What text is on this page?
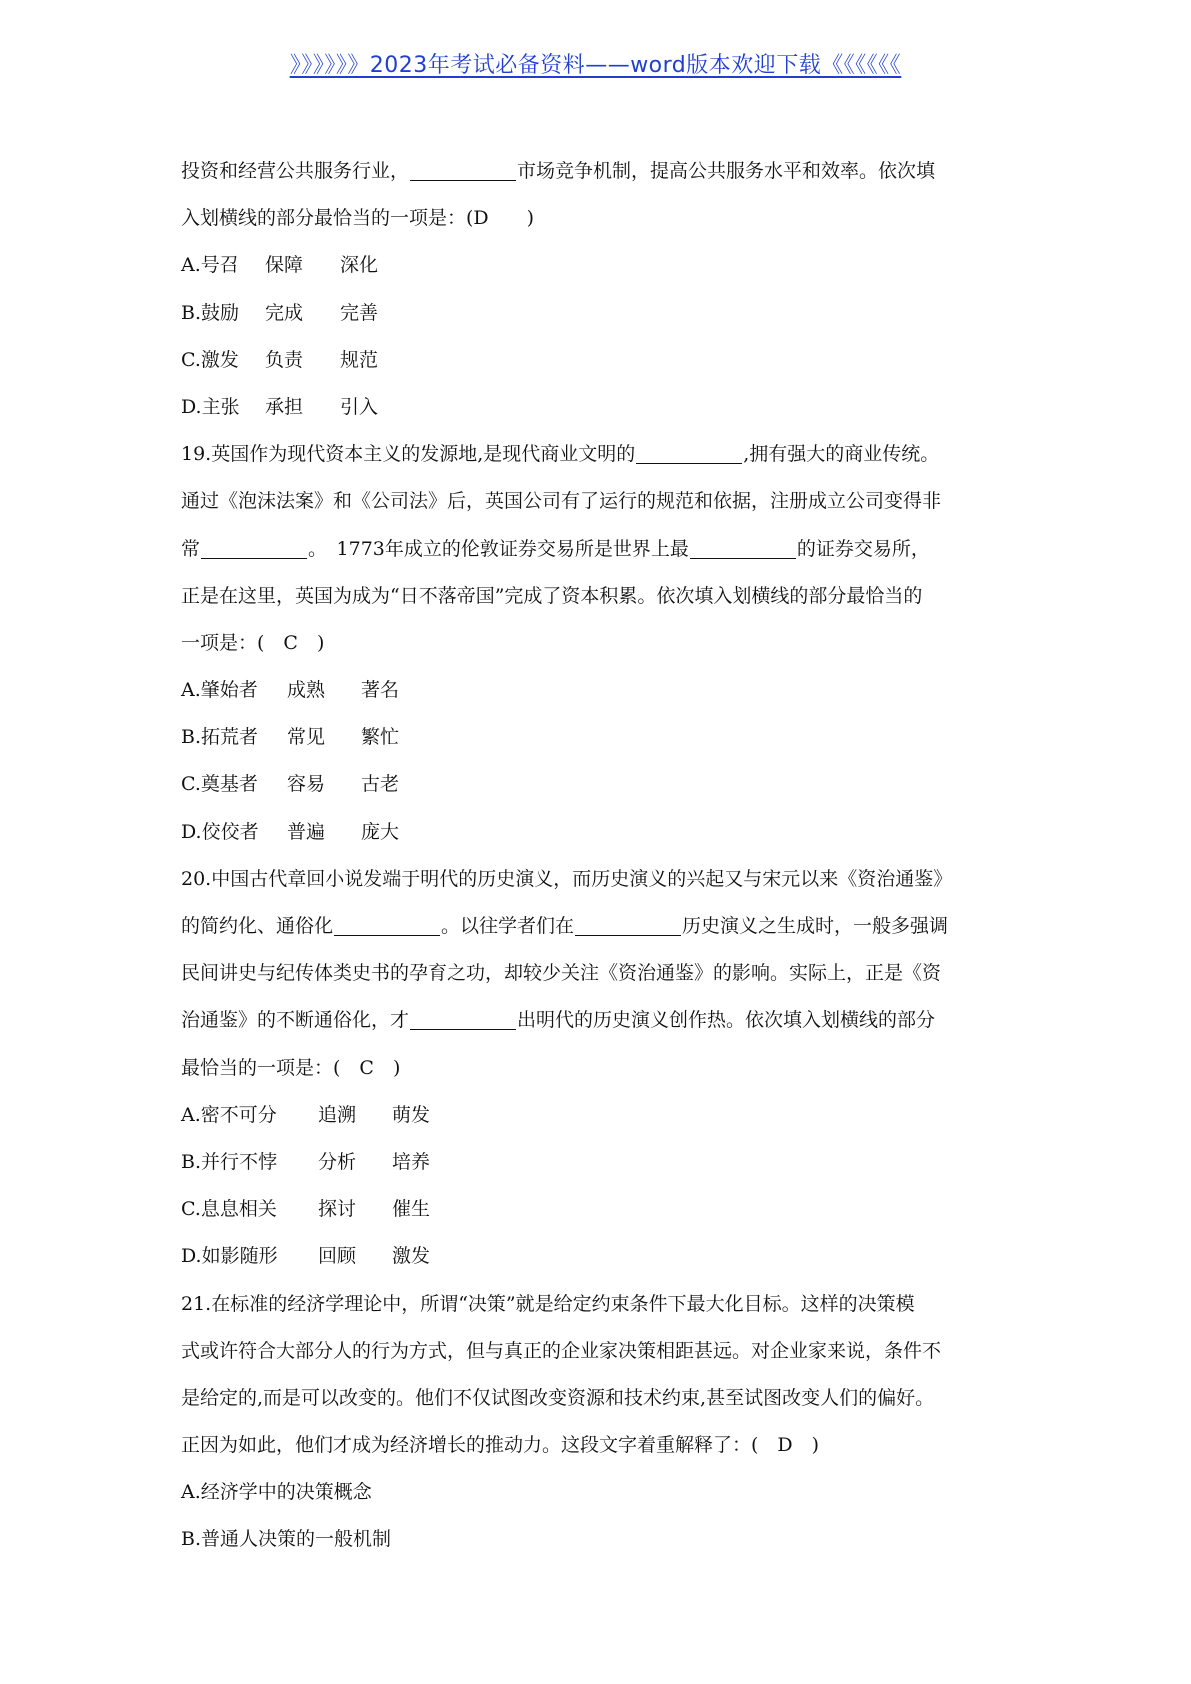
》》》》》》2023年考试必备资料——word版本欢迎下载《《《《《《
投资和经营公共服务行业，	市场竞争机制，提高公共服务水平和效率。依次填
入划横线的部分最恰当的一项是：(D　　)
A.号召 保障 深化
B.鼓励 完成 完善
C.激发 负责 规范
D.主张 承担 引入
19.英国作为现代资本主义的发源地,是现代商业文明的	,拥有强大的商业传统。
通过《泡沫法案》和《公司法》后，英国公司有了运行的规范和依据，注册成立公司变得非
常	。　1773年成立的伦敦证券交易所是世界上最	的证券交易所，
正是在这里，英国为成为“日不落帝国”完成了资本积累。依次填入划横线的部分最恰当的
一项是：(　C　)
A.肇始者 成熟 著名
B.拓荒者 常见 繁忙
C.奠基者 容易 古老
D.佼佼者 普遍 庞大
20.中国古代章回小说发端于明代的历史演义，而历史演义的兴起又与宋元以来《资治通鉴》
的简约化、通俗化	。以往学者们在	历史演义之生成时，一般多强调
民间讲史与纪传体类史书的孕育之功，却较少关注《资治通鉴》的影响。实际上，正是《资
治通鉴》的不断通俗化，才	出明代的历史演义创作热。依次填入划横线的部分
最恰当的一项是：(　C　)
A.密不可分 追溯 萌发
B.并行不悖 分析 培养
C.息息相关 探讨 催生
D.如影随形 回顾 激发
21.在标准的经济学理论中，所谓“决策”就是给定约束条件下最大化目标。这样的决策模
式或许符合大部分人的行为方式，但与真正的企业家决策相距甚远。对企业家来说，条件不
是给定的,而是可以改变的。他们不仅试图改变资源和技术约束,甚至试图改变人们的偏好。
正因为如此，他们才成为经济增长的推动力。这段文字着重解释了：(　D　)
A.经济学中的决策概念
B.普通人决策的一般机制
